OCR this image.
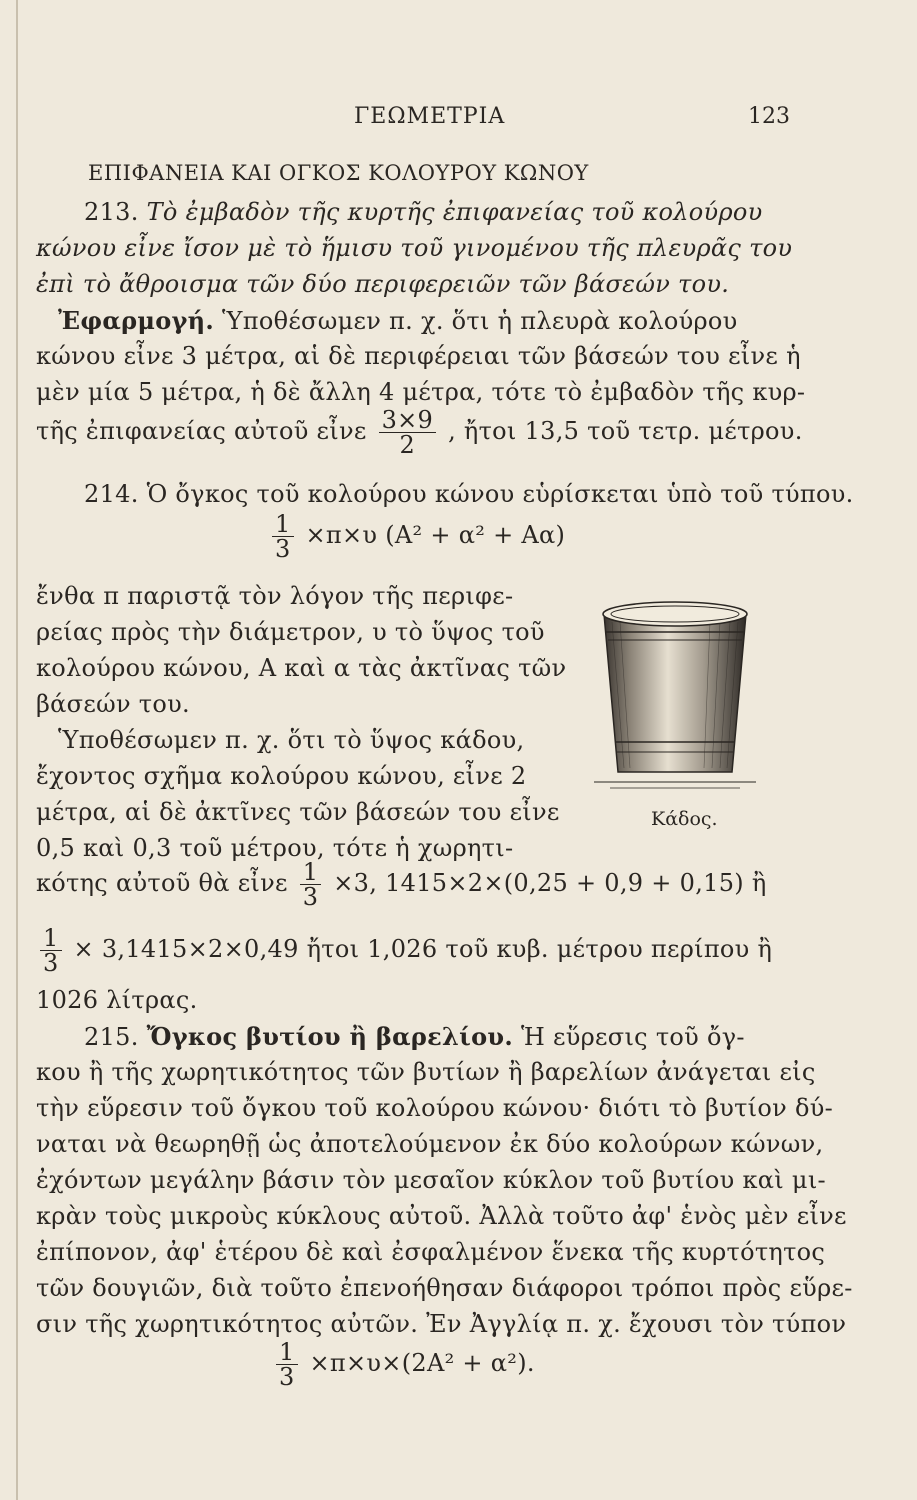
ΓΕΩΜΕΤΡΙΑ	123
ΕΠΙΦΑΝΕΙΑ ΚΑΙ ΟΓΚΟΣ ΚΟΛΟΥΡΟΥ ΚΩΝΟΥ
213. Τὸ ἐμβαδὸν τῆς κυρτῆς ἐπιφανείας τοῦ κολούρου
κώνου εἶνε ἴσον μὲ τὸ ἥμισυ τοῦ γινομένου τῆς πλευρᾶς του
ἐπὶ τὸ ἄθροισμα τῶν δύο περιφερειῶν τῶν βάσεών του.
Ἐφαρμογή. Ὑποθέσωμεν π. χ. ὅτι ἡ πλευρὰ κολούρου
κώνου εἶνε 3 μέτρα, αἱ δὲ περιφέρειαι τῶν βάσεών του εἶνε ἡ
μὲν μία 5 μέτρα, ἡ δὲ ἄλλη 4 μέτρα, τότε τὸ ἐμβαδὸν τῆς κυρ-
τῆς ἐπιφανείας αὐτοῦ εἶνε $\frac{3\times 9}{2}$ , ἤτοι 13,5 τοῦ τετρ. μέτρου.
214. Ὁ ὄγκος τοῦ κολούρου κώνου εὑρίσκεται ὑπὸ τοῦ τύπου.
$\frac{1}{3} \times\pi\times\upsilon$ (Α² + α² + Αα)
ἔνθα π παριστᾷ τὸν λόγον τῆς περιφε-
ρείας πρὸς τὴν διάμετρον, υ τὸ ὕψος τοῦ
κολούρου κώνου, Α καὶ α τὰς ἀκτῖνας τῶν
βάσεών του.
Ὑποθέσωμεν π. χ. ὅτι τὸ ὕψος κάδου,
ἔχοντος σχῆμα κολούρου κώνου, εἶνε 2
μέτρα, αἱ δὲ ἀκτῖνες τῶν βάσεών του εἶνε
0,5 καὶ 0,3 τοῦ μέτρου, τότε ἡ χωρητι-
Κάδος.
κότης αὐτοῦ θὰ εἶνε $\frac{1}{3} \times 3$, 1415×2×(0,25 + 0,9 + 0,15) ἢ
$\frac{1}{3} \times 3,1415\times 2\times 0,49$ ἤτοι 1,026 τοῦ κυβ. μέτρου περίπου ἢ
1026 λίτρας.
215. Ὄγκος βυτίου ἢ βαρελίου. Ἡ εὕρεσις τοῦ ὄγ-
κου ἢ τῆς χωρητικότητος τῶν βυτίων ἢ βαρελίων ἀνάγεται εἰς
τὴν εὕρεσιν τοῦ ὄγκου τοῦ κολούρου κώνου· διότι τὸ βυτίον δύ-
ναται νὰ θεωρηθῇ ὡς ἀποτελούμενον ἐκ δύο κολούρων κώνων,
ἐχόντων μεγάλην βάσιν τὸν μεσαῖον κύκλον τοῦ βυτίου καὶ μι-
κρὰν τοὺς μικροὺς κύκλους αὐτοῦ. Ἀλλὰ τοῦτο ἀφ' ἑνὸς μὲν εἶνε
ἐπίπονον, ἀφ' ἑτέρου δὲ καὶ ἐσφαλμένον ἕνεκα τῆς κυρτότητος
τῶν δουγιῶν, διὰ τοῦτο ἐπενοήθησαν διάφοροι τρόποι πρὸς εὕρε-
σιν τῆς χωρητικότητος αὐτῶν. Ἐν Ἀγγλίᾳ π. χ. ἔχουσι τὸν τύπον
$\frac{1}{3} \times\pi\times\upsilon\times(2A^2 + \alpha^2)$.
